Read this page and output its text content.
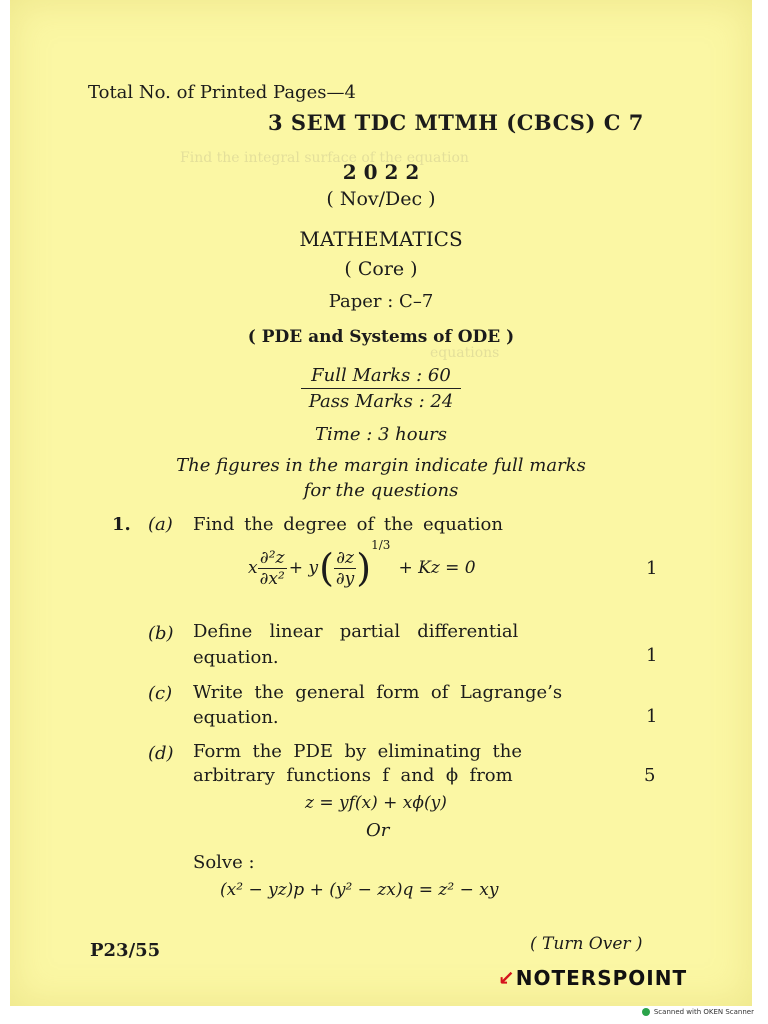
Find the integral surface of the equation
equations
Total No. of Printed Pages—4
3 SEM TDC MTMH (CBCS) C 7
2 0 2 2
( Nov/Dec )
MATHEMATICS
( Core )
Paper : C–7
( PDE and Systems of ODE )
Full Marks : 60
Pass Marks : 24
Time : 3 hours
The figures in the margin indicate full marks
for the questions
1. (a) Find the degree of the equation
x $\frac{\text{∂²z}}{\text{∂x²}} + y$ ( $\frac{\partial z}{\partial y}$ )
1/3
+ Kz = 0	1
(b) Define   linear   partial   differential
equation.	1
(c) Write  the  general  form  of  Lagrange’s
equation.	1
(d) Form  the  PDE  by  eliminating  the
arbitrary  functions  f  and  ϕ  from	5
z = yf(x) + xϕ(y)
Or
Solve :
(x² − yz)p + (y² − zx)q = z² − xy
P23/55	( Turn Over )
↙NOTERSPOINT
Scanned with OKEN Scanner
